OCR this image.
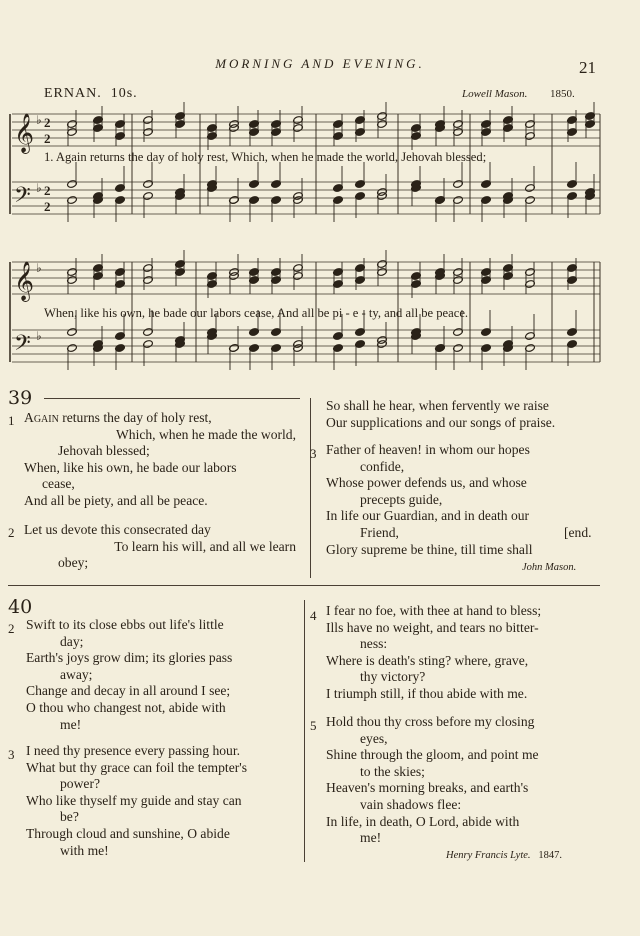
MORNING AND EVENING.	21
ERNAN. 10s.	Lowell Mason. 1850.
𝄞
𝄢
♭
♭
2
2
2
2
1. Again returns the day of holy rest, Which, when he made the world, Jehovah blessed;
𝄞
𝄢
♭
♭
When, like his own, he bade our labors cease, And all be pi - e - ty, and all be peace.
39
1 Again returns the day of holy rest,
Which, when he made the world,
Jehovah blessed;
When, like his own, he bade our labors
cease,
And all be piety, and all be peace.
2 Let us devote this consecrated day
To learn his will, and all we learn
obey;
So shall he hear, when fervently we raise
Our supplications and our songs of praise.
3 Father of heaven! in whom our hopes
confide,
Whose power defends us, and whose
precepts guide,
In life our Guardian, and in death our
Friend,	[end.
Glory supreme be thine, till time shall
John Mason.
40
2 Swift to its close ebbs out life's little
day;
Earth's joys grow dim; its glories pass
away;
Change and decay in all around I see;
O thou who changest not, abide with
me!
3 I need thy presence every passing hour.
What but thy grace can foil the tempter's
power?
Who like thyself my guide and stay can
be?
Through cloud and sunshine, O abide
with me!
4 I fear no foe, with thee at hand to bless;
Ills have no weight, and tears no bitter-
ness:
Where is death's sting? where, grave,
thy victory?
I triumph still, if thou abide with me.
5 Hold thou thy cross before my closing
eyes,
Shine through the gloom, and point me
to the skies;
Heaven's morning breaks, and earth's
vain shadows flee:
In life, in death, O Lord, abide with
me!
Henry Francis Lyte. 1847.
